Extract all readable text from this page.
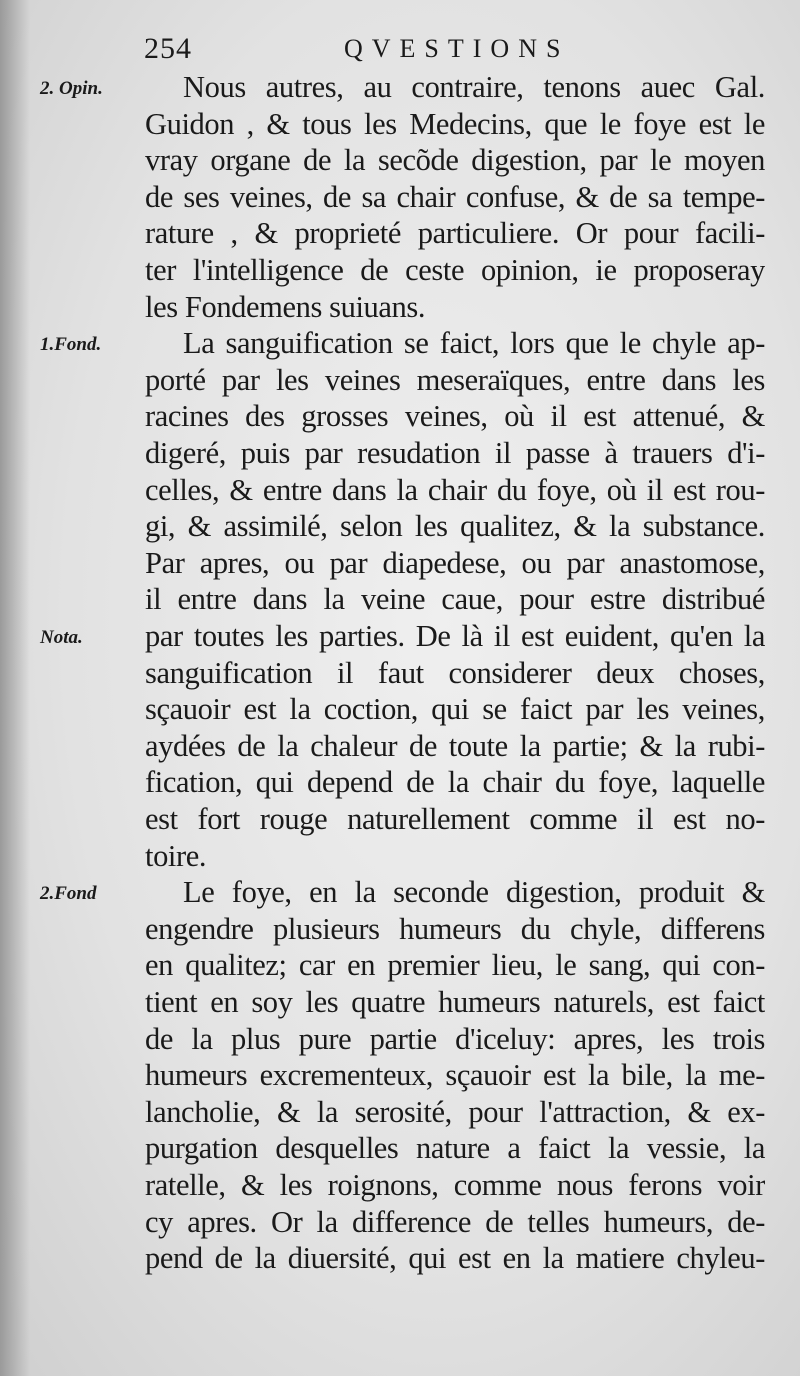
254	QVESTIONS
Nous autres, au contraire, tenons auec Gal.
Guidon , & tous les Medecins, que le foye est le
vray organe de la secõde digestion, par le moyen
de ses veines, de sa chair confuse, & de sa tempe-
rature , & proprieté particuliere. Or pour facili-
ter l'intelligence de ceste opinion, ie proposeray
les Fondemens suiuans.
La sanguification se faict, lors que le chyle ap-
porté par les veines meseraïques, entre dans les
racines des grosses veines, où il est attenué, &
digeré, puis par resudation il passe à trauers d'i-
celles, & entre dans la chair du foye, où il est rou-
gi, & assimilé, selon les qualitez, & la substance.
Par apres, ou par diapedese, ou par anastomose,
il entre dans la veine caue, pour estre distribué
par toutes les parties. De là il est euident, qu'en la
sanguification il faut considerer deux choses,
sçauoir est la coction, qui se faict par les veines,
aydées de la chaleur de toute la partie; & la rubi-
fication, qui depend de la chair du foye, laquelle
est fort rouge naturellement comme il est no-
toire.
Le foye, en la seconde digestion, produit &
engendre plusieurs humeurs du chyle, differens
en qualitez; car en premier lieu, le sang, qui con-
tient en soy les quatre humeurs naturels, est faict
de la plus pure partie d'iceluy: apres, les trois
humeurs excrementeux, sçauoir est la bile, la me-
lancholie, & la serosité, pour l'attraction, & ex-
purgation desquelles nature a faict la vessie, la
ratelle, & les roignons, comme nous ferons voir
cy apres. Or la difference de telles humeurs, de-
pend de la diuersité, qui est en la matiere chyleu-
2. Opin.
1.Fond.
Nota.
2.Fond
